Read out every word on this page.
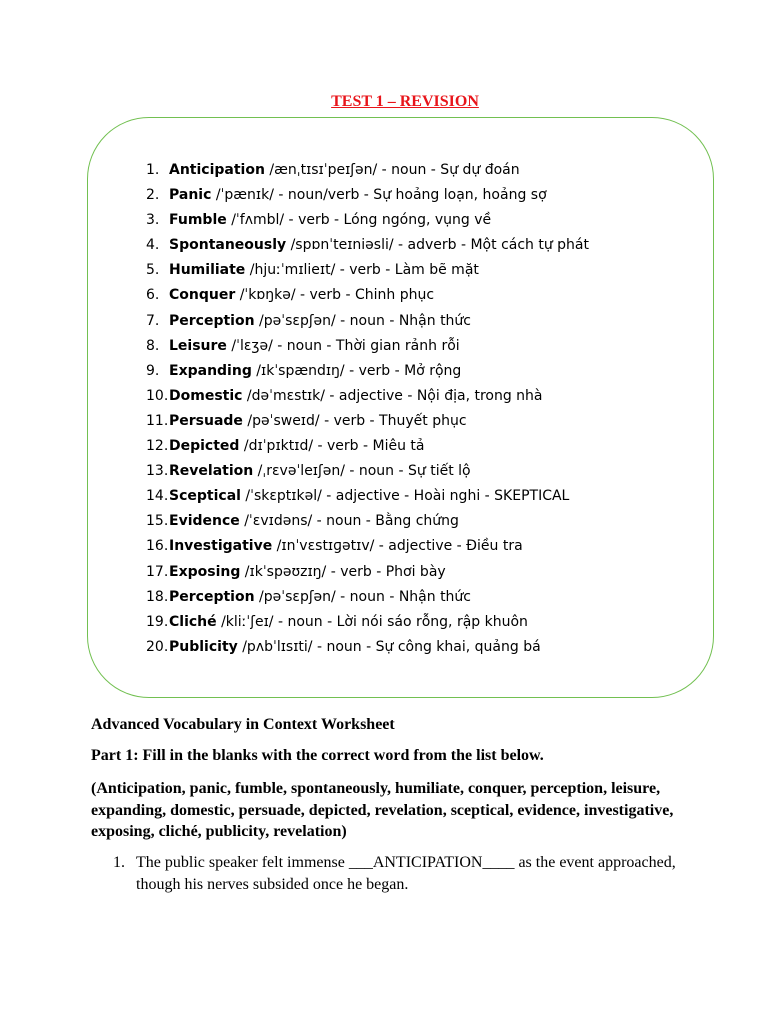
TEST 1 – REVISION
1. Anticipation /ænˌtɪsɪˈpeɪʃən/ - noun - Sự dự đoán
2. Panic /ˈpænɪk/ - noun/verb - Sự hoảng loạn, hoảng sợ
3. Fumble /ˈfʌmbl/ - verb - Lóng ngóng, vụng về
4. Spontaneously /spɒnˈteɪniəsli/ - adverb - Một cách tự phát
5. Humiliate /hjuːˈmɪlieɪt/ - verb - Làm bẽ mặt
6. Conquer /ˈkɒŋkə/ - verb - Chinh phục
7. Perception /pəˈsɛpʃən/ - noun - Nhận thức
8. Leisure /ˈlɛʒə/ - noun - Thời gian rảnh rỗi
9. Expanding /ɪkˈspændɪŋ/ - verb - Mở rộng
10.Domestic /dəˈmɛstɪk/ - adjective - Nội địa, trong nhà
11.Persuade /pəˈsweɪd/ - verb - Thuyết phục
12.Depicted /dɪˈpɪktɪd/ - verb - Miêu tả
13.Revelation /ˌrɛvəˈleɪʃən/ - noun - Sự tiết lộ
14.Sceptical /ˈskɛptɪkəl/ - adjective - Hoài nghi - SKEPTICAL
15.Evidence /ˈɛvɪdəns/ - noun - Bằng chứng
16.Investigative /ɪnˈvɛstɪɡətɪv/ - adjective - Điều tra
17.Exposing /ɪkˈspəʊzɪŋ/ - verb - Phơi bày
18.Perception /pəˈsɛpʃən/ - noun - Nhận thức
19.Cliché /kliːˈʃeɪ/ - noun - Lời nói sáo rỗng, rập khuôn
20.Publicity /pʌbˈlɪsɪti/ - noun - Sự công khai, quảng bá
Advanced Vocabulary in Context Worksheet
Part 1: Fill in the blanks with the correct word from the list below.
(Anticipation, panic, fumble, spontaneously, humiliate, conquer, perception, leisure, expanding, domestic, persuade, depicted, revelation, sceptical, evidence, investigative, exposing, cliché, publicity, revelation)
1. The public speaker felt immense ___ANTICIPATION____ as the event approached, though his nerves subsided once he began.
